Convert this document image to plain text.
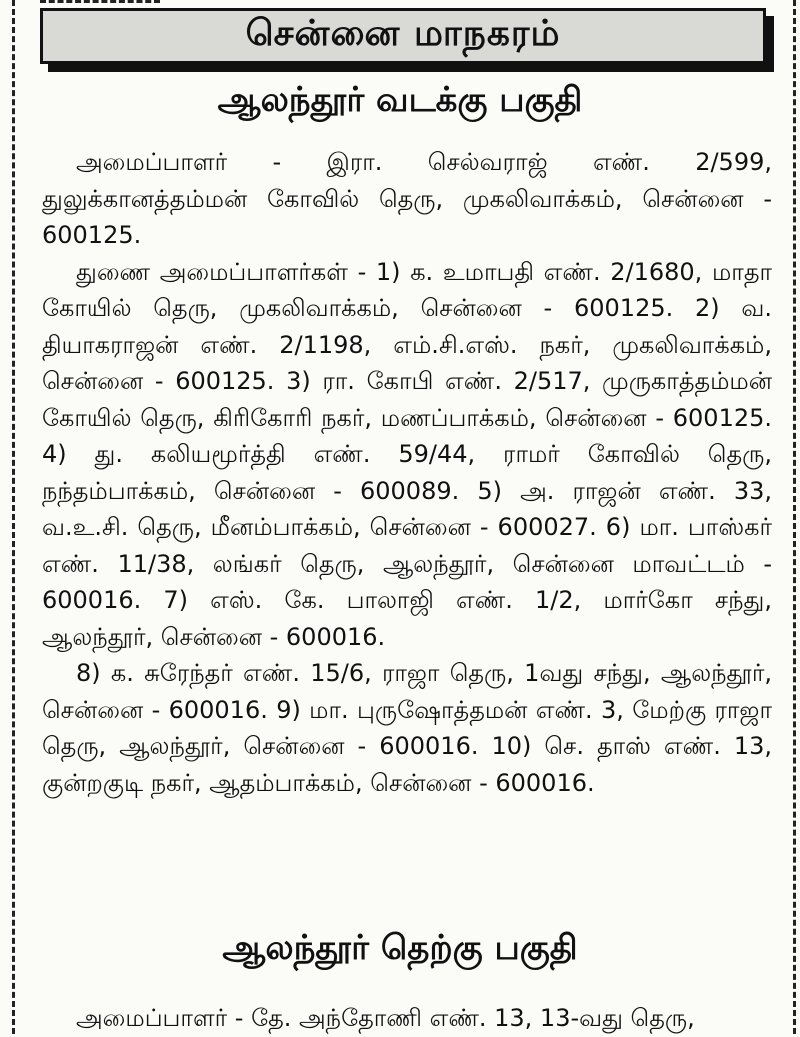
சென்னை மாநகரம்
ஆலந்தூர் வடக்கு பகுதி

அமைப்பாளர் - இரா. செல்வராஜ் எண். 2/599, துலுக்கானத்தம்மன் கோவில் தெரு, முகலிவாக்கம், சென்னை - 600125.

துணை அமைப்பாளர்கள் - 1) க. உமாபதி எண். 2/1680, மாதா கோயில் தெரு, முகலிவாக்கம், சென்னை - 600125. 2) வ. தியாகராஜன் எண். 2/1198, எம்.சி.எஸ். நகர், முகலிவாக்கம், சென்னை - 600125. 3) ரா. கோபி எண். 2/517, முருகாத்தம்மன் கோயில் தெரு, கிரிகோரி நகர், மணப்பாக்கம், சென்னை - 600125. 4) து. கலியமூர்த்தி எண். 59/44, ராமர் கோவில் தெரு, நந்தம்பாக்கம், சென்னை - 600089. 5) அ. ராஜன் எண். 33, வ.உ.சி. தெரு, மீனம்பாக்கம், சென்னை - 600027. 6) மா. பாஸ்கர் எண். 11/38, லங்கர் தெரு, ஆலந்தூர், சென்னை மாவட்டம் - 600016. 7) எஸ். கே. பாலாஜி எண். 1/2, மார்கோ சந்து, ஆலந்தூர், சென்னை - 600016.

8) க. சுரேந்தர் எண். 15/6, ராஜா தெரு, 1வது சந்து, ஆலந்தூர், சென்னை - 600016. 9) மா. புருஷோத்தமன் எண். 3, மேற்கு ராஜா தெரு, ஆலந்தூர், சென்னை - 600016. 10) செ. தாஸ் எண். 13, குன்றகுடி நகர், ஆதம்பாக்கம், சென்னை - 600016.

ஆலந்தூர் தெற்கு பகுதி

அமைப்பாளர் - தே. அந்தோணி எண். 13, 13-வது தெரு,
